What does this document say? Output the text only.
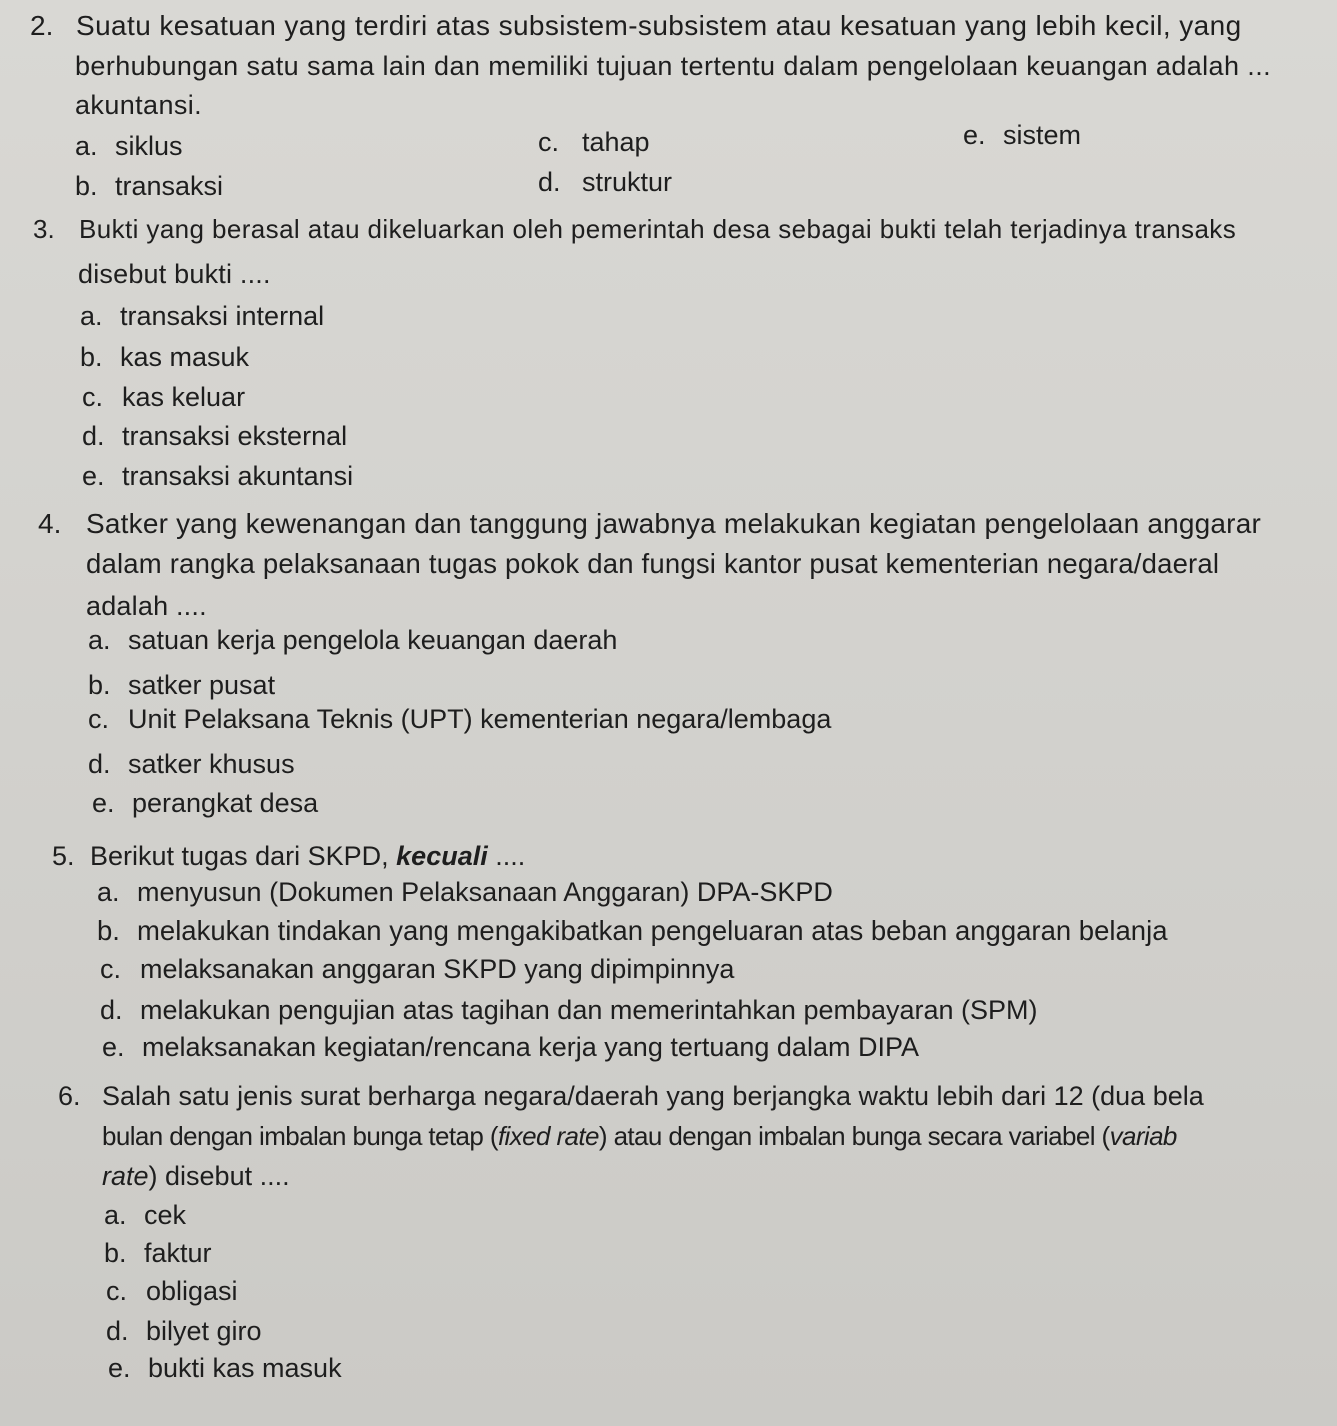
2. Suatu kesatuan yang terdiri atas subsistem-subsistem atau kesatuan yang lebih kecil, yang
berhubungan satu sama lain dan memiliki tujuan tertentu dalam pengelolaan keuangan adalah ...
akuntansi.
a. siklus
b. transaksi
c. tahap
d. struktur
e. sistem
3. Bukti yang berasal atau dikeluarkan oleh pemerintah desa sebagai bukti telah terjadinya transaks
disebut bukti ....
a. transaksi internal
b. kas masuk
c. kas keluar
d. transaksi eksternal
e. transaksi akuntansi
4. Satker yang kewenangan dan tanggung jawabnya melakukan kegiatan pengelolaan anggarar
dalam rangka pelaksanaan tugas pokok dan fungsi kantor pusat kementerian negara/daeral
adalah ....
a. satuan kerja pengelola keuangan daerah
b. satker pusat
c. Unit Pelaksana Teknis (UPT) kementerian negara/lembaga
d. satker khusus
e. perangkat desa
5. Berikut tugas dari SKPD, kecuali ....
a. menyusun (Dokumen Pelaksanaan Anggaran) DPA-SKPD
b. melakukan tindakan yang mengakibatkan pengeluaran atas beban anggaran belanja
c. melaksanakan anggaran SKPD yang dipimpinnya
d. melakukan pengujian atas tagihan dan memerintahkan pembayaran (SPM)
e. melaksanakan kegiatan/rencana kerja yang tertuang dalam DIPA
6. Salah satu jenis surat berharga negara/daerah yang berjangka waktu lebih dari 12 (dua bela
bulan dengan imbalan bunga tetap (fixed rate) atau dengan imbalan bunga secara variabel (variab
rate) disebut ....
a. cek
b. faktur
c. obligasi
d. bilyet giro
e. bukti kas masuk
